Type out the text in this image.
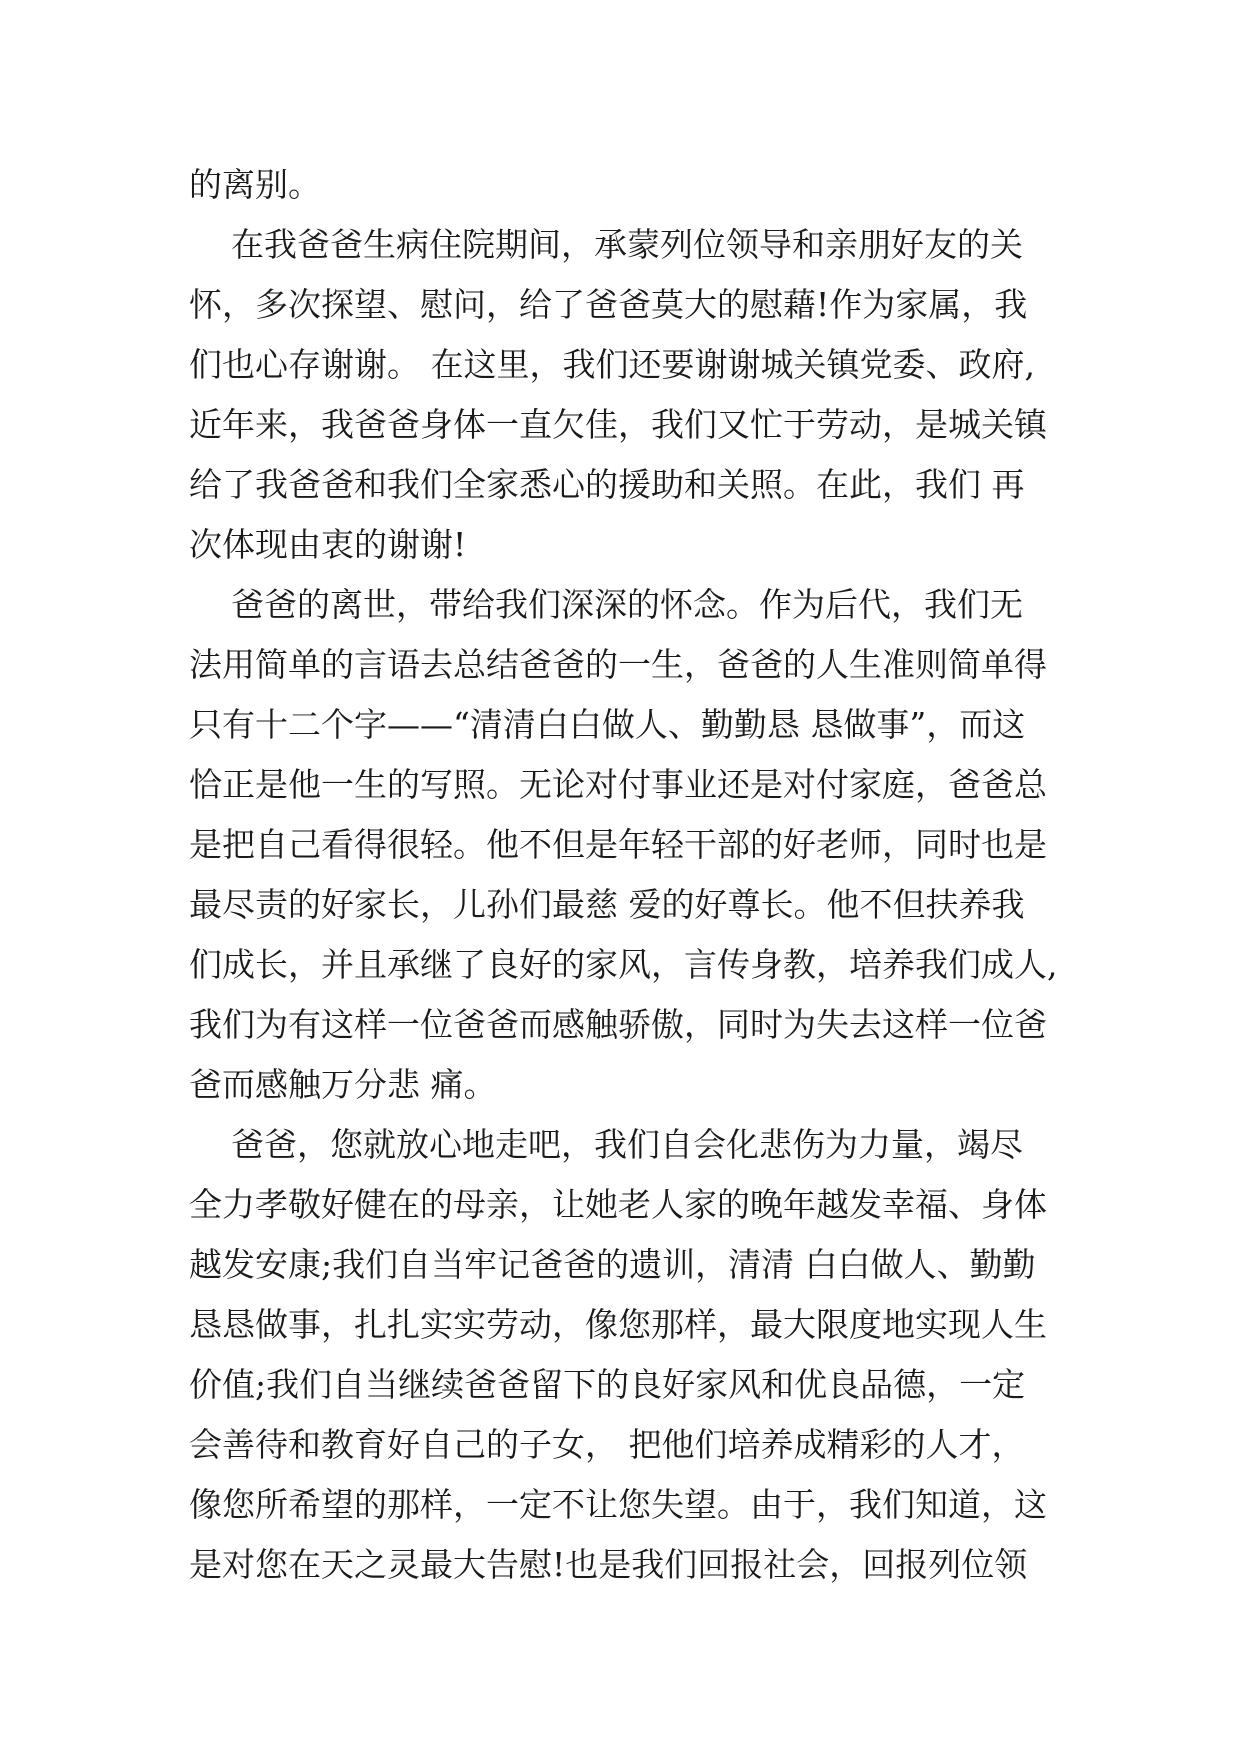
的离别。
在我爸爸生病住院期间，承蒙列位领导和亲朋好友的关
怀，多次探望、慰问，给了爸爸莫大的慰藉!作为家属，我
们也心存谢谢。 在这里，我们还要谢谢城关镇党委、政府,
近年来，我爸爸身体一直欠佳，我们又忙于劳动，是城关镇
给了我爸爸和我们全家悉心的援助和关照。在此，我们 再
次体现由衷的谢谢!
爸爸的离世，带给我们深深的怀念。作为后代，我们无
法用简单的言语去总结爸爸的一生，爸爸的人生准则简单得
只有十二个字——“清清白白做人、勤勤恳 恳做事”，而这
恰正是他一生的写照。无论对付事业还是对付家庭，爸爸总
是把自己看得很轻。他不但是年轻干部的好老师，同时也是
最尽责的好家长，儿孙们最慈 爱的好尊长。他不但扶养我
们成长，并且承继了良好的家风，言传身教，培养我们成人,
我们为有这样一位爸爸而感触骄傲，同时为失去这样一位爸
爸而感触万分悲 痛。
爸爸，您就放心地走吧，我们自会化悲伤为力量，竭尽
全力孝敬好健在的母亲，让她老人家的晚年越发幸福、身体
越发安康;我们自当牢记爸爸的遗训，清清 白白做人、勤勤
恳恳做事，扎扎实实劳动，像您那样，最大限度地实现人生
价值;我们自当继续爸爸留下的良好家风和优良品德，一定
会善待和教育好自己的子女， 把他们培养成精彩的人才，
像您所希望的那样，一定不让您失望。由于，我们知道，这
是对您在天之灵最大告慰!也是我们回报社会，回报列位领
